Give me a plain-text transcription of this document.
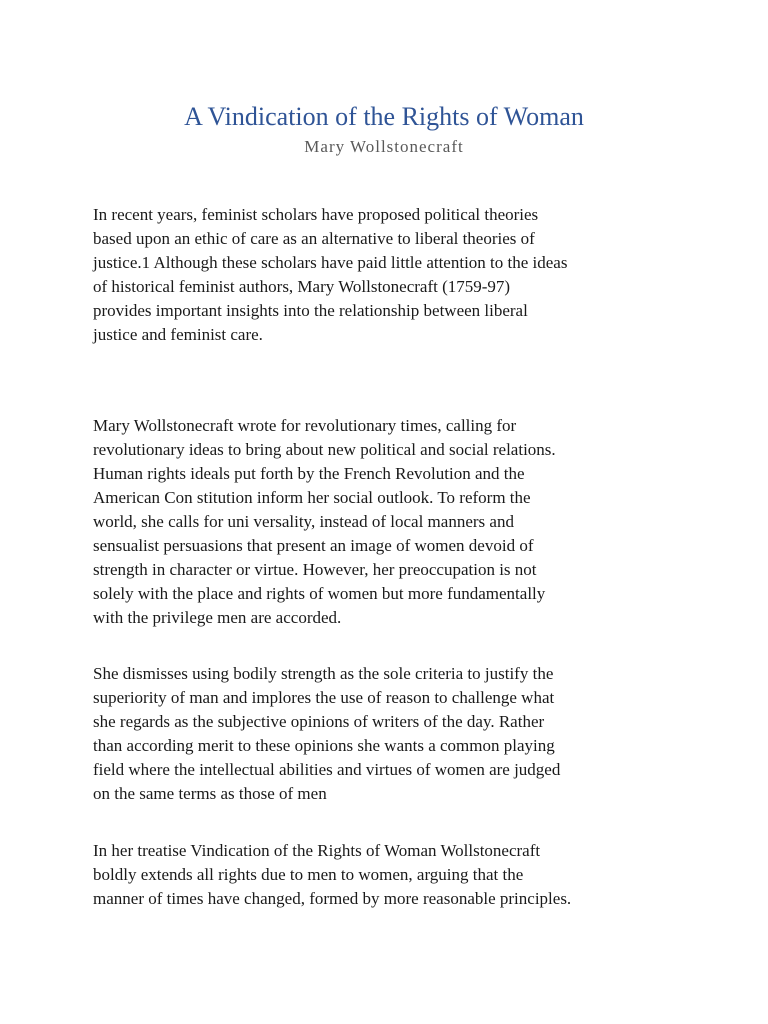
A Vindication of the Rights of Woman
Mary Wollstonecraft

In recent years, feminist scholars have proposed political theories
based upon an ethic of care as an alternative to liberal theories of
justice.1 Although these scholars have paid little attention to the ideas
of historical feminist authors, Mary Wollstonecraft (1759-97)
provides important insights into the relationship between liberal
justice and feminist care.

Mary Wollstonecraft wrote for revolutionary times, calling for
revolutionary ideas to bring about new political and social relations.
Human rights ideals put forth by the French Revolution and the
American Con stitution inform her social outlook. To reform the
world, she calls for uni versality, instead of local manners and
sensualist persuasions that present an image of women devoid of
strength in character or virtue. However, her preoccupation is not
solely with the place and rights of women but more fundamentally
with the privilege men are accorded.

She dismisses using bodily strength as the sole criteria to justify the
superiority of man and implores the use of reason to challenge what
she regards as the subjective opinions of writers of the day. Rather
than according merit to these opinions she wants a common playing
field where the intellectual abilities and virtues of women are judged
on the same terms as those of men

In her treatise Vindication of the Rights of Woman Wollstonecraft
boldly extends all rights due to men to women, arguing that the
manner of times have changed, formed by more reasonable principles.
